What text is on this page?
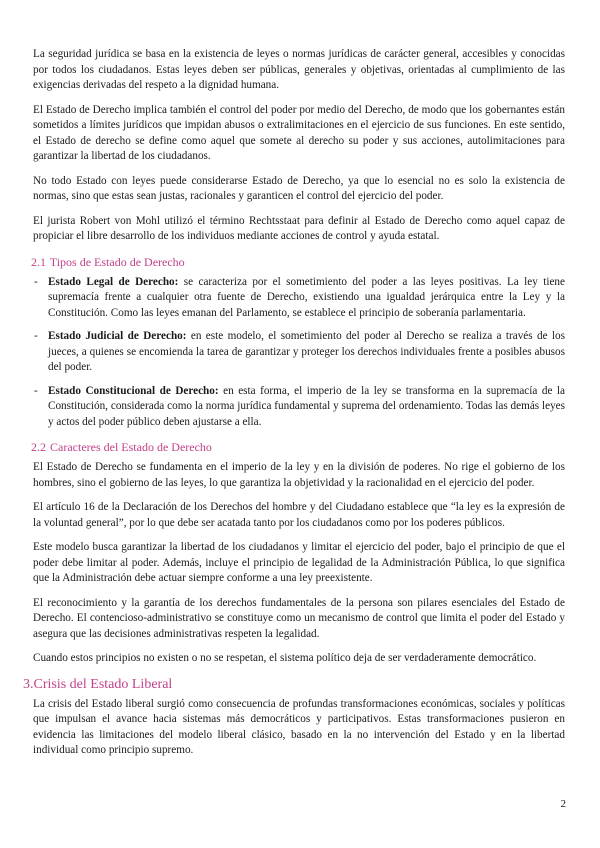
La seguridad jurídica se basa en la existencia de leyes o normas jurídicas de carácter general, accesibles y conocidas por todos los ciudadanos. Estas leyes deben ser públicas, generales y objetivas, orientadas al cumplimiento de las exigencias derivadas del respeto a la dignidad humana.

El Estado de Derecho implica también el control del poder por medio del Derecho, de modo que los gobernantes están sometidos a límites jurídicos que impidan abusos o extralimitaciones en el ejercicio de sus funciones. En este sentido, el Estado de derecho se define como aquel que somete al derecho su poder y sus acciones, autolimitaciones para garantizar la libertad de los ciudadanos.

No todo Estado con leyes puede considerarse Estado de Derecho, ya que lo esencial no es solo la existencia de normas, sino que estas sean justas, racionales y garanticen el control del ejercicio del poder.

El jurista Robert von Mohl utilizó el término Rechtsstaat para definir al Estado de Derecho como aquel capaz de propiciar el libre desarrollo de los individuos mediante acciones de control y ayuda estatal.

2.1 Tipos de Estado de Derecho
- Estado Legal de Derecho: se caracteriza por el sometimiento del poder a las leyes positivas. La ley tiene supremacía frente a cualquier otra fuente de Derecho, existiendo una igualdad jerárquica entre la Ley y la Constitución. Como las leyes emanan del Parlamento, se establece el principio de soberanía parlamentaria.
- Estado Judicial de Derecho: en este modelo, el sometimiento del poder al Derecho se realiza a través de los jueces, a quienes se encomienda la tarea de garantizar y proteger los derechos individuales frente a posibles abusos del poder.
- Estado Constitucional de Derecho: en esta forma, el imperio de la ley se transforma en la supremacía de la Constitución, considerada como la norma jurídica fundamental y suprema del ordenamiento. Todas las demás leyes y actos del poder público deben ajustarse a ella.
2.2 Caracteres del Estado de Derecho

El Estado de Derecho se fundamenta en el imperio de la ley y en la división de poderes. No rige el gobierno de los hombres, sino el gobierno de las leyes, lo que garantiza la objetividad y la racionalidad en el ejercicio del poder.

El artículo 16 de la Declaración de los Derechos del hombre y del Ciudadano establece que “la ley es la expresión de la voluntad general”, por lo que debe ser acatada tanto por los ciudadanos como por los poderes públicos.

Este modelo busca garantizar la libertad de los ciudadanos y limitar el ejercicio del poder, bajo el principio de que el poder debe limitar al poder. Además, incluye el principio de legalidad de la Administración Pública, lo que significa que la Administración debe actuar siempre conforme a una ley preexistente.

El reconocimiento y la garantía de los derechos fundamentales de la persona son pilares esenciales del Estado de Derecho. El contencioso-administrativo se constituye como un mecanismo de control que limita el poder del Estado y asegura que las decisiones administrativas respeten la legalidad.

Cuando estos principios no existen o no se respetan, el sistema político deja de ser verdaderamente democrático.

3.Crisis del Estado Liberal

La crisis del Estado liberal surgió como consecuencia de profundas transformaciones económicas, sociales y políticas que impulsan el avance hacia sistemas más democráticos y participativos. Estas transformaciones pusieron en evidencia las limitaciones del modelo liberal clásico, basado en la no intervención del Estado y en la libertad individual como principio supremo.

2
